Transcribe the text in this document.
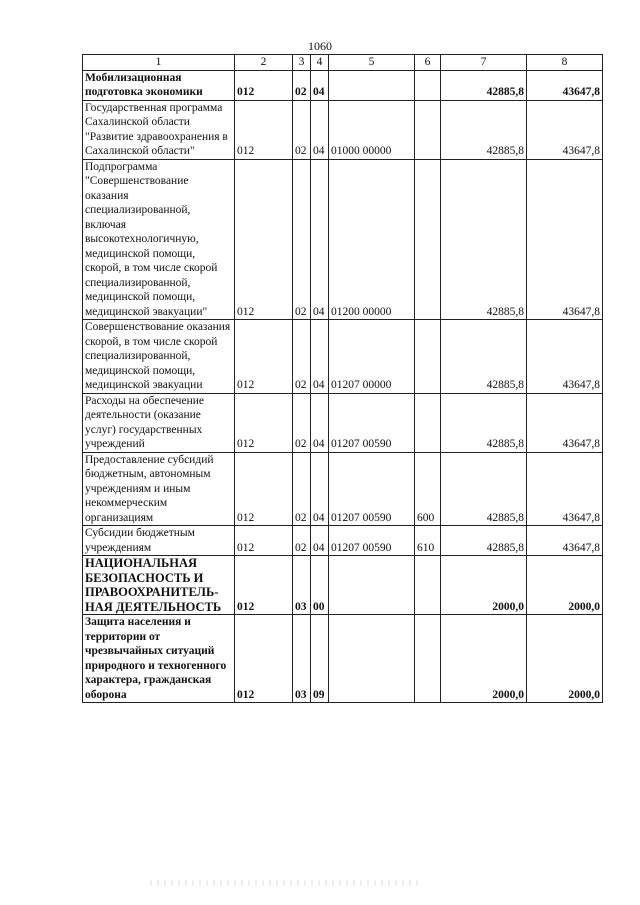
1060
1	2	3	4	5	6	7	8
Мобилизационная подготовка экономики	012	02	04			42885,8	43647,8
Государственная программа Сахалинской области "Развитие здравоохранения в Сахалинской области"	012	02	04	01000 00000		42885,8	43647,8
Подпрограмма "Совершенствование оказания специализированной, включая высокотехнологичную, медицинской помощи, скорой, в том числе скорой специализированной, медицинской помощи, медицинской эвакуации"	012	02	04	01200 00000		42885,8	43647,8
Совершенствование оказания скорой, в том числе скорой специализированной, медицинской помощи, медицинской эвакуации	012	02	04	01207 00000		42885,8	43647,8
Расходы на обеспечение деятельности (оказание услуг) государственных учреждений	012	02	04	01207 00590		42885,8	43647,8
Предоставление субсидий бюджетным, автономным учреждениям и иным некоммерческим организациям	012	02	04	01207 00590	600	42885,8	43647,8
Субсидии бюджетным учреждениям	012	02	04	01207 00590	610	42885,8	43647,8
НАЦИОНАЛЬНАЯ БЕЗОПАСНОСТЬ И ПРАВООХРАНИТЕЛЬ-НАЯ ДЕЯТЕЛЬНОСТЬ	012	03	00			2000,0	2000,0
Защита населения и территории от чрезвычайных ситуаций природного и техногенного характера, гражданская оборона	012	03	09			2000,0	2000,0
